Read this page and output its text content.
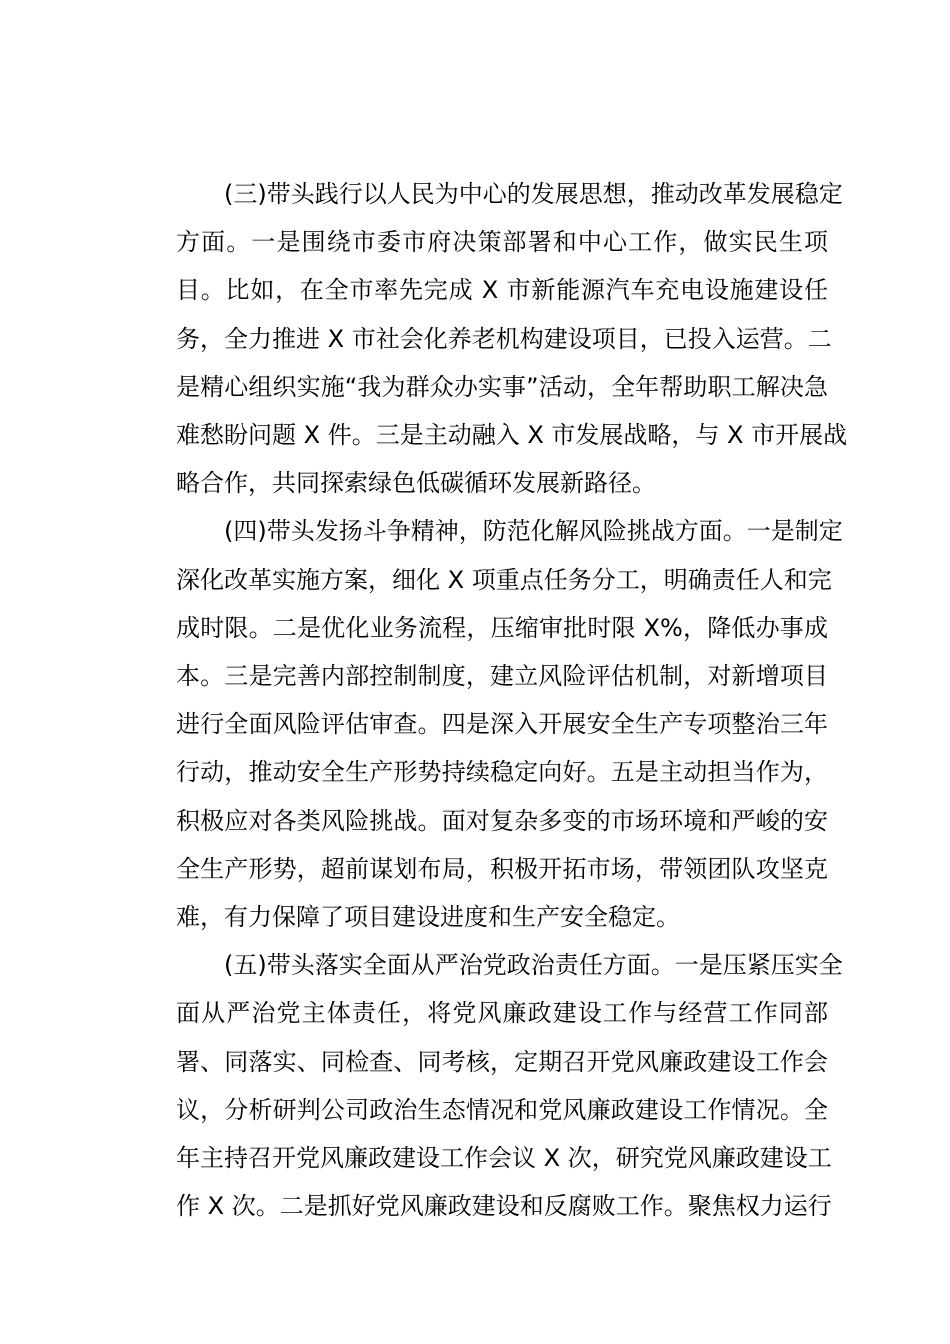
(三)带头践行以人民为中心的发展思想，推动改革发展稳定
方面。一是围绕市委市府决策部署和中心工作，做实民生项
目。比如，在全市率先完成 X 市新能源汽车充电设施建设任
务，全力推进 X 市社会化养老机构建设项目，已投入运营。二
是精心组织实施“我为群众办实事”活动，全年帮助职工解决急
难愁盼问题 X 件。三是主动融入 X 市发展战略，与 X 市开展战
略合作，共同探索绿色低碳循环发展新路径。
(四)带头发扬斗争精神，防范化解风险挑战方面。一是制定
深化改革实施方案，细化 X 项重点任务分工，明确责任人和完
成时限。二是优化业务流程，压缩审批时限 X%，降低办事成
本。三是完善内部控制制度，建立风险评估机制，对新增项目
进行全面风险评估审查。四是深入开展安全生产专项整治三年
行动，推动安全生产形势持续稳定向好。五是主动担当作为，
积极应对各类风险挑战。面对复杂多变的市场环境和严峻的安
全生产形势，超前谋划布局，积极开拓市场，带领团队攻坚克
难，有力保障了项目建设进度和生产安全稳定。
(五)带头落实全面从严治党政治责任方面。一是压紧压实全
面从严治党主体责任，将党风廉政建设工作与经营工作同部
署、同落实、同检查、同考核，定期召开党风廉政建设工作会
议，分析研判公司政治生态情况和党风廉政建设工作情况。全
年主持召开党风廉政建设工作会议 X 次，研究党风廉政建设工
作 X 次。二是抓好党风廉政建设和反腐败工作。聚焦权力运行
